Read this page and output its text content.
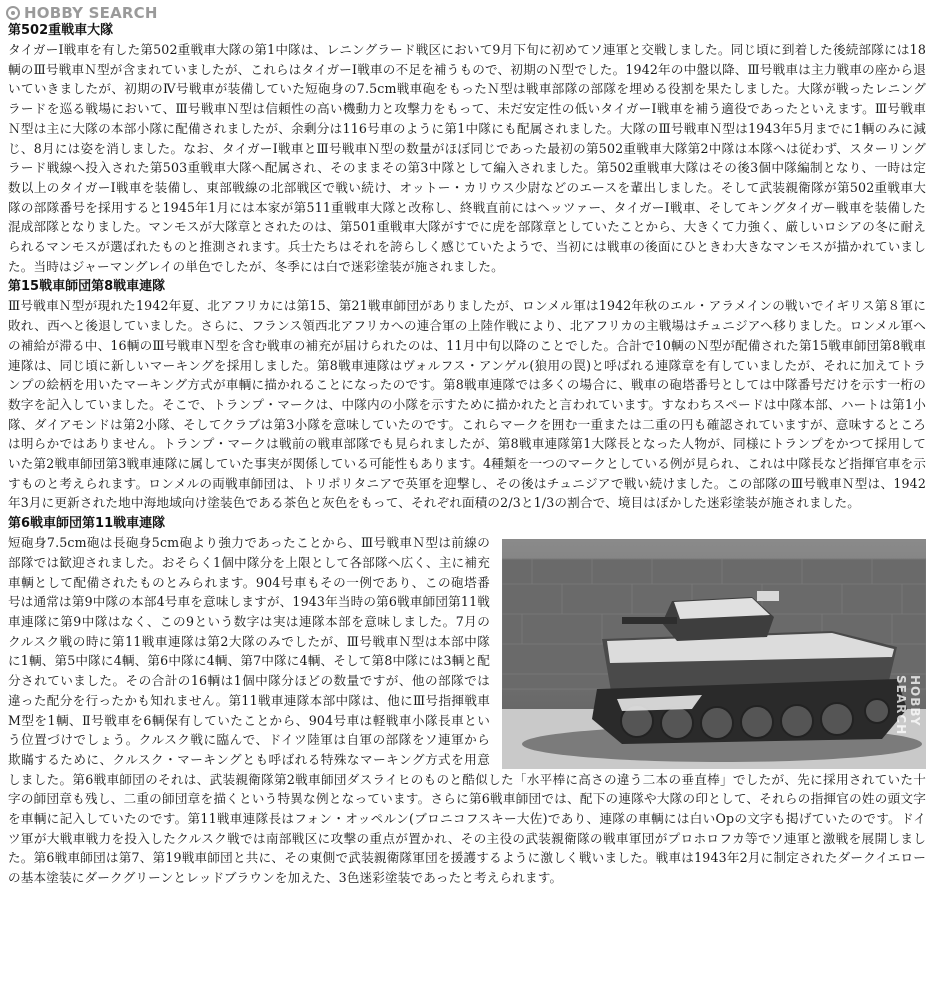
HOBBY SEARCH
第502重戦車大隊

タイガーI戦車を有した第502重戦車大隊の第1中隊は、レニングラード戦区において9月下旬に初めてソ連軍と交戦しました。同じ頃に到着した後続部隊には18輌のⅢ号戦車Ｎ型が含まれていましたが、これらはタイガーI戦車の不足を補うもので、初期のＮ型でした。1942年の中盤以降、Ⅲ号戦車は主力戦車の座から退いていきましたが、初期のⅣ号戦車が装備していた短砲身の7.5cm戦車砲をもったＮ型は戦車部隊の部隊を埋める役割を果たしました。大隊が戦ったレニングラードを巡る戦場において、Ⅲ号戦車Ｎ型は信頼性の高い機動力と攻撃力をもって、未だ安定性の低いタイガーI戦車を補う適役であったといえます。Ⅲ号戦車Ｎ型は主に大隊の本部小隊に配備されましたが、余剰分は116号車のように第1中隊にも配属されました。大隊のⅢ号戦車Ｎ型は1943年5月までに1輌のみに減じ、8月には姿を消しました。なお、タイガーI戦車とⅢ号戦車Ｎ型の数量がほぼ同じであった最初の第502重戦車大隊第2中隊は本隊へは従わず、スターリングラード戦線へ投入された第503重戦車大隊へ配属され、そのままその第3中隊として編入されました。第502重戦車大隊はその後3個中隊編制となり、一時は定数以上のタイガーI戦車を装備し、東部戦線の北部戦区で戦い続け、オットー・カリウス少尉などのエースを輩出しました。そして武装親衛隊が第502重戦車大隊の部隊番号を採用すると1945年1月には本家が第511重戦車大隊と改称し、終戦直前にはヘッツァー、タイガーⅠ戦車、そしてキングタイガー戦車を装備した混成部隊となりました。マンモスが大隊章とされたのは、第501重戦車大隊がすでに虎を部隊章としていたことから、大きくて力強く、厳しいロシアの冬に耐えられるマンモスが選ばれたものと推測されます。兵士たちはそれを誇らしく感じていたようで、当初には戦車の後面にひときわ大きなマンモスが描かれていました。当時はジャーマングレイの単色でしたが、冬季には白で迷彩塗装が施されました。

第15戦車師団第8戦車連隊

Ⅲ号戦車Ｎ型が現れた1942年夏、北アフリカには第15、第21戦車師団がありましたが、ロンメル軍は1942年秋のエル・アラメインの戦いでイギリス第８軍に敗れ、西へと後退していました。さらに、フランス領西北アフリカへの連合軍の上陸作戦により、北アフリカの主戦場はチュニジアへ移りました。ロンメル軍への補給が滞る中、16輌のⅢ号戦車Ｎ型を含む戦車の補充が届けられたのは、11月中旬以降のことでした。合計で10輌のＮ型が配備された第15戦車師団第8戦車連隊は、同じ頃に新しいマーキングを採用しました。第8戦車連隊はヴォルフス・アンゲル(狼用の罠)と呼ばれる連隊章を有していましたが、それに加えてトランプの絵柄を用いたマーキング方式が車輌に描かれることになったのです。第8戦車連隊では多くの場合に、戦車の砲塔番号としては中隊番号だけを示す一桁の数字を記入していました。そこで、トランプ・マークは、中隊内の小隊を示すために描かれたと言われています。すなわちスペードは中隊本部、ハートは第1小隊、ダイアモンドは第2小隊、そしてクラブは第3小隊を意味していたのです。これらマークを囲む一重または二重の円も確認されていますが、意味するところは明らかではありません。トランプ・マークは戦前の戦車部隊でも見られましたが、第8戦車連隊第1大隊長となった人物が、同様にトランプをかつて採用していた第2戦車師団第3戦車連隊に属していた事実が関係している可能性もあります。4種類を一つのマークとしている例が見られ、これは中隊長など指揮官車を示すものと考えられます。ロンメルの両戦車師団は、トリポリタニアで英軍を迎撃し、その後はチュニジアで戦い続けました。この部隊のⅢ号戦車Ｎ型は、1942年3月に更新された地中海地域向け塗装色である茶色と灰色をもって、それぞれ面積の2/3と1/3の割合で、境目はぼかした迷彩塗装が施されました。

第6戦車師団第11戦車連隊
HOBBY SEARCH

短砲身7.5cm砲は長砲身5cm砲より強力であったことから、Ⅲ号戦車Ｎ型は前線の部隊では歓迎されました。おそらく1個中隊分を上限として各部隊へ広く、主に補充車輌として配備されたものとみられます。904号車もその一例であり、この砲塔番号は通常は第9中隊の本部4号車を意味しますが、1943年当時の第6戦車師団第11戦車連隊に第9中隊はなく、この9という数字は実は連隊本部を意味しました。7月のクルスク戦の時に第11戦車連隊は第2大隊のみでしたが、Ⅲ号戦車Ｎ型は本部中隊に1輌、第5中隊に4輌、第6中隊に4輌、第7中隊に4輌、そして第8中隊には3輌と配分されていました。その合計の16輌は1個中隊分ほどの数量ですが、他の部隊では違った配分を行ったかも知れません。第11戦車連隊本部中隊は、他にⅢ号指揮戦車M型を1輌、Ⅱ号戦車を6輌保有していたことから、904号車は軽戦車小隊長車という位置づけでしょう。クルスク戦に臨んで、ドイツ陸軍は自軍の部隊をソ連軍から欺瞞するために、クルスク・マーキングとも呼ばれる特殊なマーキング方式を用意しました。第6戦車師団のそれは、武装親衛隊第2戦車師団ダスライヒのものと酷似した「水平棒に高さの違う二本の垂直棒」でしたが、先に採用されていた十字の師団章も残し、二重の師団章を描くという特異な例となっています。さらに第6戦車師団では、配下の連隊や大隊の印として、それらの指揮官の姓の頭文字を車輌に記入していたのです。第11戦車連隊長はフォン・オッペルン(ブロニコフスキー大佐)であり、連隊の車輌には白いOpの文字も掲げていたのです。ドイツ軍が大戦車戦力を投入したクルスク戦では南部戦区に攻撃の重点が置かれ、その主役の武装親衛隊の戦車軍団がプロホロフカ等でソ連軍と激戦を展開しました。第6戦車師団は第7、第19戦車師団と共に、その東側で武装親衛隊軍団を援護するように激しく戦いました。戦車は1943年2月に制定されたダークイエローの基本塗装にダークグリーンとレッドブラウンを加えた、3色迷彩塗装であったと考えられます。
